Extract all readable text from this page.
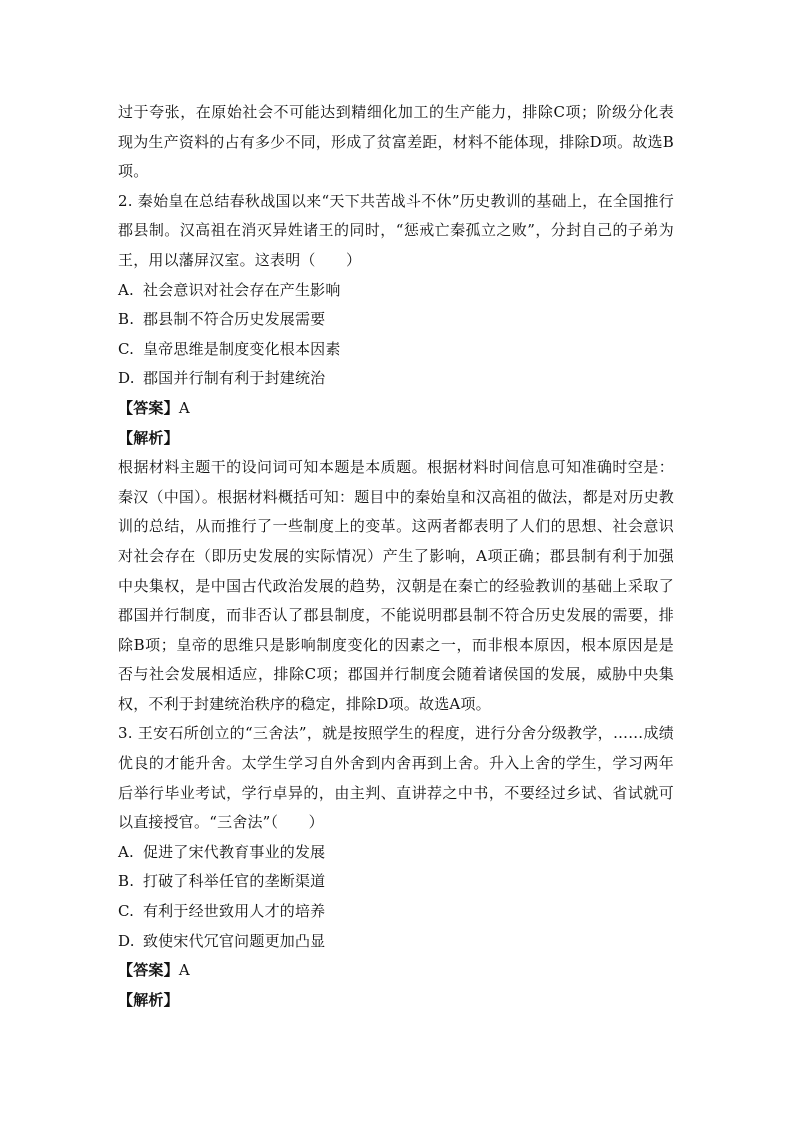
过于夸张，在原始社会不可能达到精细化加工的生产能力，排除C项；阶级分化表现为生产资料的占有多少不同，形成了贫富差距，材料不能体现，排除D项。故选B项。

2. 秦始皇在总结春秋战国以来“天下共苦战斗不休”历史教训的基础上，在全国推行郡县制。汉高祖在消灭异姓诸王的同时，“惩戒亡秦孤立之败”，分封自己的子弟为王，用以藩屏汉室。这表明（　　）

A. 社会意识对社会存在产生影响

B. 郡县制不符合历史发展需要

C. 皇帝思维是制度变化根本因素

D. 郡国并行制有利于封建统治

【答案】A

【解析】

根据材料主题干的设问词可知本题是本质题。根据材料时间信息可知准确时空是：秦汉（中国）。根据材料概括可知：题目中的秦始皇和汉高祖的做法，都是对历史教训的总结，从而推行了一些制度上的变革。这两者都表明了人们的思想、社会意识对社会存在（即历史发展的实际情况）产生了影响，A项正确；郡县制有利于加强中央集权，是中国古代政治发展的趋势，汉朝是在秦亡的经验教训的基础上采取了郡国并行制度，而非否认了郡县制度，不能说明郡县制不符合历史发展的需要，排除B项；皇帝的思维只是影响制度变化的因素之一，而非根本原因，根本原因是是否与社会发展相适应，排除C项；郡国并行制度会随着诸侯国的发展，威胁中央集权，不利于封建统治秩序的稳定，排除D项。故选A项。

3. 王安石所创立的“三舍法”，就是按照学生的程度，进行分舍分级教学，……成绩优良的才能升舍。太学生学习自外舍到内舍再到上舍。升入上舍的学生，学习两年后举行毕业考试，学行卓异的，由主判、直讲荐之中书，不要经过乡试、省试就可以直接授官。“三舍法”（　　）

A. 促进了宋代教育事业的发展

B. 打破了科举任官的垄断渠道

C. 有利于经世致用人才的培养

D. 致使宋代冗官问题更加凸显

【答案】A

【解析】
